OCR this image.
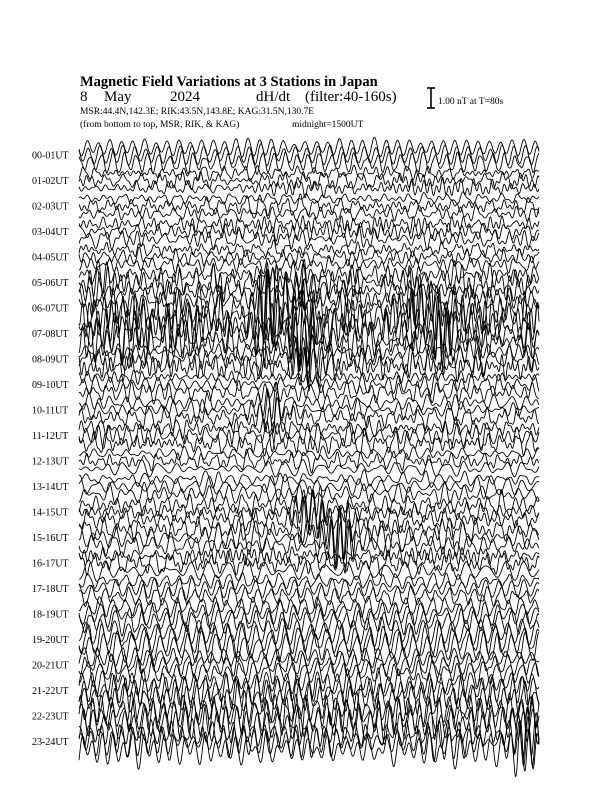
Magnetic Field Variations at 3 Stations in Japan
8 May	2024	dH/dt (filter:40-160s)
MSR:44.4N,142.3E; RIK:43.5N,143.8E; KAG:31.5N,130.7E
(from bottom to top, MSR, RIK, & KAG)	midnight=1500UT
1.00 nT at T=80s
00-01UT
01-02UT
02-03UT
03-04UT
04-05UT
05-06UT
06-07UT
07-08UT
08-09UT
09-10UT
10-11UT
11-12UT
12-13UT
13-14UT
14-15UT
15-16UT
16-17UT
17-18UT
18-19UT
19-20UT
20-21UT
21-22UT
22-23UT
23-24UT
